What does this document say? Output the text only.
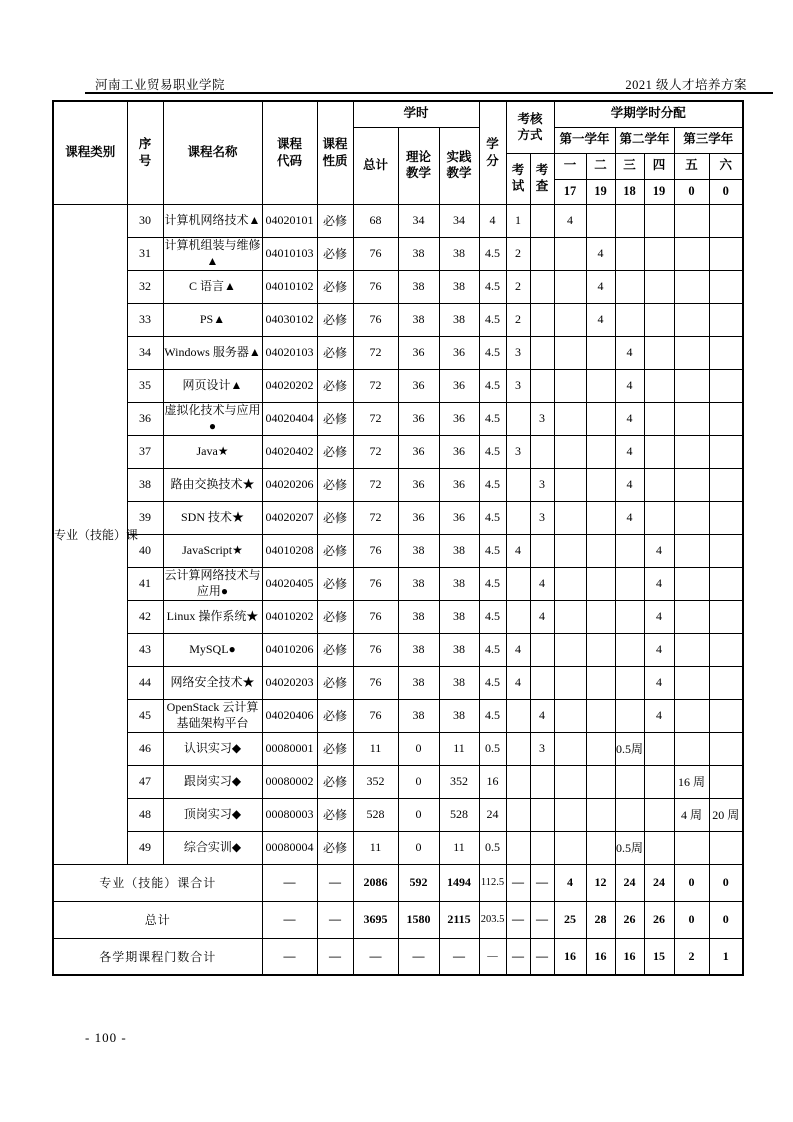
河南工业贸易职业学院	2021 级人才培养方案
课程类别	序号	课程名称	课程代码	课程性质	学时			学分	考核方式		学期学时分配					
					总计	理论教学	实践教学				第一学年		第二学年		第三学年	
									考试	考查	一	二	三	四	五	六
											17	19	18	19	0	0
专业（技能）课	30	计算机网络技术▲	04020101	必修	68	34	34	4	1		4					
	31	计算机组装与维修▲	04010103	必修	76	38	38	4.5	2			4				
	32	C 语言▲	04010102	必修	76	38	38	4.5	2			4				
	33	PS▲	04030102	必修	76	38	38	4.5	2			4				
	34	Windows 服务器▲	04020103	必修	72	36	36	4.5	3				4			
	35	网页设计▲	04020202	必修	72	36	36	4.5	3				4			
	36	虚拟化技术与应用●	04020404	必修	72	36	36	4.5		3			4			
	37	Java★	04020402	必修	72	36	36	4.5	3				4			
	38	路由交换技术★	04020206	必修	72	36	36	4.5		3			4			
	39	SDN 技术★	04020207	必修	72	36	36	4.5		3			4			
	40	JavaScript★	04010208	必修	76	38	38	4.5	4					4		
	41	云计算网络技术与应用●	04020405	必修	76	38	38	4.5		4				4		
	42	Linux 操作系统★	04010202	必修	76	38	38	4.5		4				4		
	43	MySQL●	04010206	必修	76	38	38	4.5	4					4		
	44	网络安全技术★	04020203	必修	76	38	38	4.5	4					4		
	45	OpenStack 云计算基础架构平台	04020406	必修	76	38	38	4.5		4				4		
	46	认识实习◆	00080001	必修	11	0	11	0.5		3			0.5周			
	47	跟岗实习◆	00080002	必修	352	0	352	16							16 周	
	48	顶岗实习◆	00080003	必修	528	0	528	24							4 周	20 周
	49	综合实训◆	00080004	必修	11	0	11	0.5					0.5周			
专业（技能）课合计			—	—	2086	592	1494	112.5	—	—	4	12	24	24	0	0
总计			—	—	3695	1580	2115	203.5	—	—	25	28	26	26	0	0
各学期课程门数合计			—	—	—	—	—	—	—	—	16	16	16	15	2	1
- 100 -
